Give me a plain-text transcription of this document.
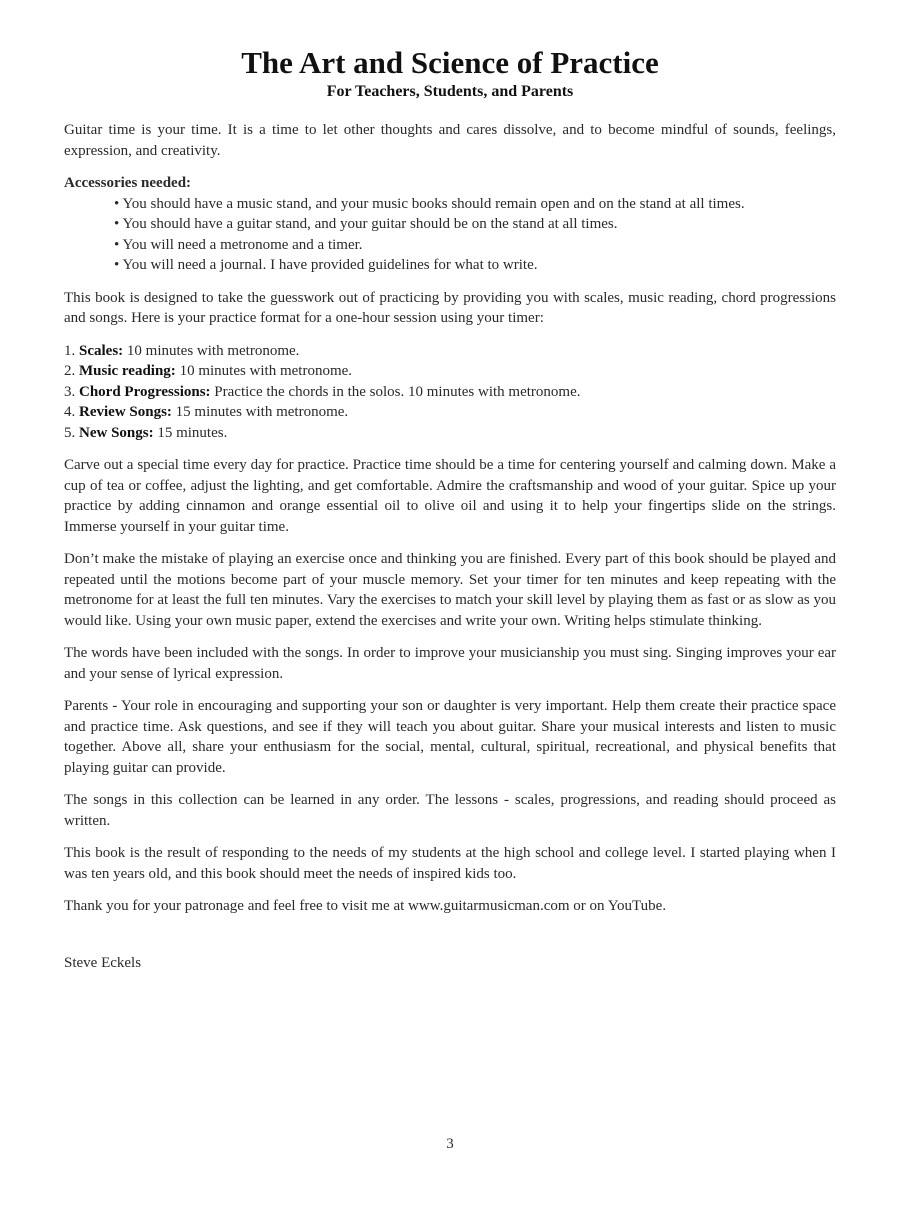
The Art and Science of Practice
For Teachers, Students, and Parents

Guitar time is your time. It is a time to let other thoughts and cares dissolve, and to become mindful of sounds, feelings, expression, and creativity.

Accessories needed:
• You should have a music stand, and your music books should remain open and on the stand at all times.
• You should have a guitar stand, and your guitar should be on the stand at all times.
• You will need a metronome and a timer.
• You will need a journal. I have provided guidelines for what to write.

This book is designed to take the guesswork out of practicing by providing you with scales, music reading, chord progressions and songs. Here is your practice format for a one-hour session using your timer:

1. Scales: 10 minutes with metronome.
2. Music reading: 10 minutes with metronome.
3. Chord Progressions: Practice the chords in the solos. 10 minutes with metronome.
4. Review Songs: 15 minutes with metronome.
5. New Songs: 15 minutes.

Carve out a special time every day for practice. Practice time should be a time for centering yourself and calming down. Make a cup of tea or coffee, adjust the lighting, and get comfortable. Admire the craftsmanship and wood of your guitar. Spice up your practice by adding cinnamon and orange essential oil to olive oil and using it to help your fingertips slide on the strings. Immerse yourself in your guitar time.

Don’t make the mistake of playing an exercise once and thinking you are finished. Every part of this book should be played and repeated until the motions become part of your muscle memory. Set your timer for ten minutes and keep repeating with the metronome for at least the full ten minutes. Vary the exercises to match your skill level by playing them as fast or as slow as you would like. Using your own music paper, extend the exercises and write your own. Writing helps stimulate thinking.

The words have been included with the songs. In order to improve your musicianship you must sing. Singing improves your ear and your sense of lyrical expression.

Parents - Your role in encouraging and supporting your son or daughter is very important. Help them create their practice space and practice time. Ask questions, and see if they will teach you about guitar. Share your musical interests and listen to music together. Above all, share your enthusiasm for the social, mental, cultural, spiritual, recreational, and physical benefits that playing guitar can provide.

The songs in this collection can be learned in any order. The lessons - scales, progressions, and reading should proceed as written.

This book is the result of responding to the needs of my students at the high school and college level. I started playing when I was ten years old, and this book should meet the needs of inspired kids too.

Thank you for your patronage and feel free to visit me at www.guitarmusicman.com or on YouTube.

Steve Eckels
3
